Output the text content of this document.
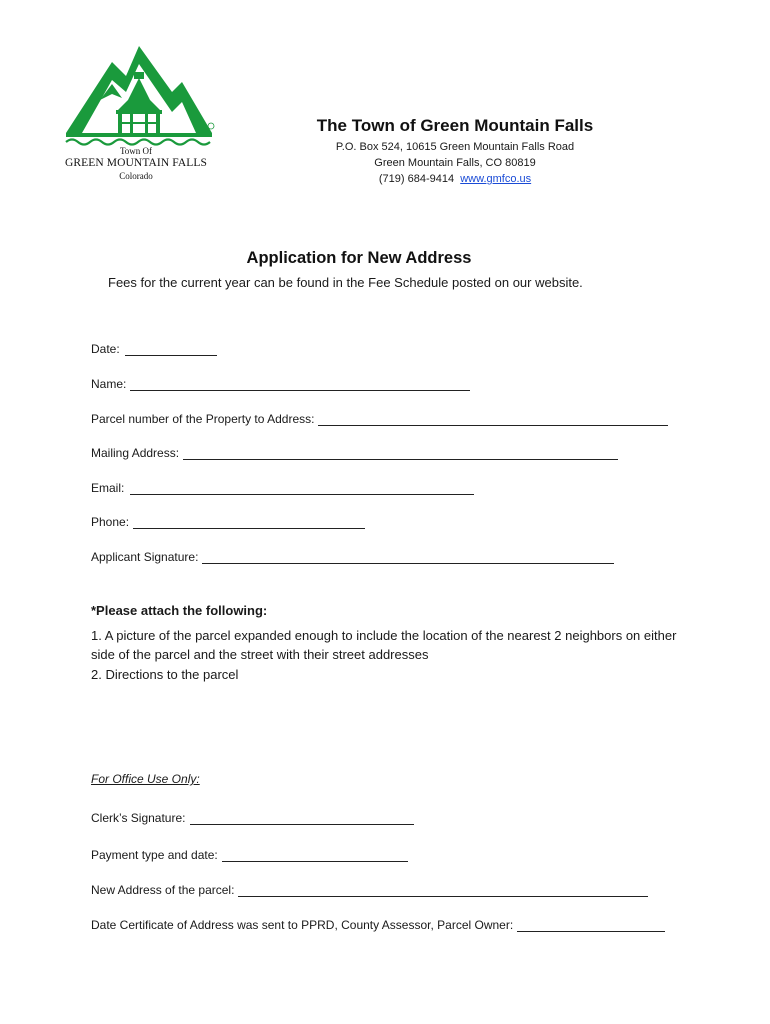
Town Of
GREEN MOUNTAIN FALLS
Colorado
The Town of Green Mountain Falls
P.O. Box 524, 10615 Green Mountain Falls Road
Green Mountain Falls, CO 80819
(719) 684-9414 www.gmfco.us
Application for New Address
Fees for the current year can be found in the Fee Schedule posted on our website.
Date:
Name:
Parcel number of the Property to Address:
Mailing Address:
Email:
Phone:
Applicant Signature:
*Please attach the following:
1. A picture of the parcel expanded enough to include the location of the nearest 2 neighbors on either side of the parcel and the street with their street addresses
2. Directions to the parcel
For Office Use Only:
Clerk’s Signature:
Payment type and date:
New Address of the parcel:
Date Certificate of Address was sent to PPRD, County Assessor, Parcel Owner:
